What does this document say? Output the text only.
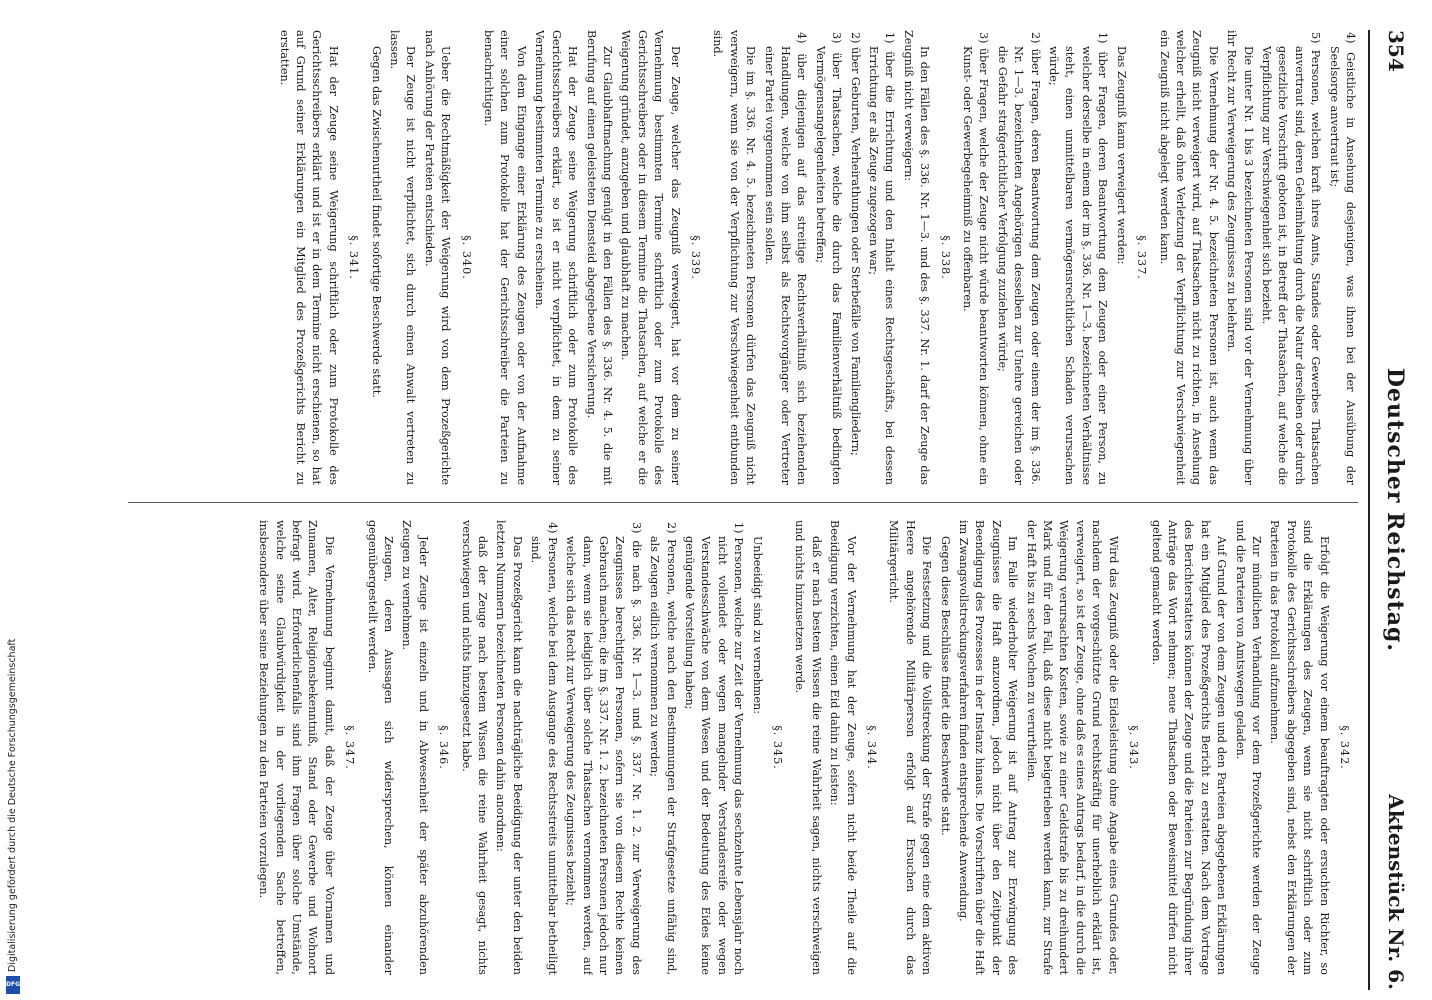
354
Deutscher Reichstag.
Aktenstück Nr. 6.

4) Geistliche in Ansehung desjenigen, was ihnen bei der Ausübung der Seelsorge anvertraut ist;

5) Personen, welchen kraft ihres Amts, Standes oder Gewerbes Thatsachen anvertraut sind, deren Geheimhaltung durch die Natur derselben oder durch gesetzliche Vorschrift geboten ist, in Betreff der Thatsachen, auf welche die Verpflichtung zur Verschwiegenheit sich bezieht.

Die unter Nr. 1 bis 3 bezeichneten Personen sind vor der Vernehmung über ihr Recht zur Verweigerung des Zeugnisses zu belehren.

Die Vernehmung der Nr. 4. 5. bezeichneten Personen ist, auch wenn das Zeugniß nicht verweigert wird, auf Thatsachen nicht zu richten, in Ansehung welcher erhellt, daß ohne Verletzung der Verpflichtung zur Verschwiegenheit ein Zeugniß nicht abgelegt werden kann.

§. 337.

Das Zeugniß kann verweigert werden:

1) über Fragen, deren Beantwortung dem Zeugen oder einer Person, zu welcher derselbe in einem der im §. 336. Nr. 1—3. bezeichneten Verhältnisse steht, einen unmittelbaren vermögensrechtlichen Schaden verursachen würde;

2) über Fragen, deren Beantwortung dem Zeugen oder einem der im §. 336. Nr. 1—3. bezeichneten Angehörigen desselben zur Unehre gereichen oder die Gefahr strafgerichtlicher Verfolgung zuziehen würde;

3) über Fragen, welche der Zeuge nicht würde beantworten können, ohne ein Kunst- oder Gewerbegeheimniß zu offenbaren.

§. 338.

In den Fällen des §. 336. Nr. 1—3. und des §. 337. Nr. 1. darf der Zeuge das Zeugniß nicht verweigern:

1) über die Errichtung und den Inhalt eines Rechtsgeschäfts, bei dessen Errichtung er als Zeuge zugezogen war;

2) über Geburten, Verheirathungen oder Sterbefälle von Familiengliedern;

3) über Thatsachen, welche die durch das Familienverhältniß bedingten Vermögensangelegenheiten betreffen;

4) über diejenigen auf das streitige Rechtsverhältniß sich beziehenden Handlungen, welche von ihm selbst als Rechtsvorgänger oder Vertreter einer Partei vorgenommen sein sollen.

Die im §. 336. Nr. 4. 5. bezeichneten Personen dürfen das Zeugniß nicht verweigern, wenn sie von der Verpflichtung zur Verschwiegenheit entbunden sind.

§. 339.

Der Zeuge, welcher das Zeugniß verweigert, hat vor dem zu seiner Vernehmung bestimmten Termine schriftlich oder zum Protokolle des Gerichtsschreibers oder in diesem Termine die Thatsachen, auf welche er die Weigerung gründet, anzugeben und glaubhaft zu machen.

Zur Glaubhaftmachung genügt in den Fällen des §. 336. Nr. 4. 5. die mit Berufung auf einen geleisteten Diensteid abgegebene Versicherung.

Hat der Zeuge seine Weigerung schriftlich oder zum Protokolle des Gerichtsschreibers erklärt, so ist er nicht verpflichtet, in dem zu seiner Vernehmung bestimmten Termine zu erscheinen.

Von dem Eingange einer Erklärung des Zeugen oder von der Aufnahme einer solchen zum Protokolle hat der Gerichtsschreiber die Parteien zu benachrichtigen.

§. 340.

Ueber die Rechtmäßigkeit der Weigerung wird von dem Prozeßgerichte nach Anhörung der Parteien entschieden.

Der Zeuge ist nicht verpflichtet, sich durch einen Anwalt vertreten zu lassen.

Gegen das Zwischenurtheil findet sofortige Beschwerde statt.

§. 341.

Hat der Zeuge seine Weigerung schriftlich oder zum Protokolle des Gerichtsschreibers erklärt und ist er in dem Termine nicht erschienen, so hat auf Grund seiner Erklärungen ein Mitglied des Prozeßgerichts Bericht zu erstatten.

§. 342.

Erfolgt die Weigerung vor einem beauftragten oder ersuchten Richter, so sind die Erklärungen des Zeugen, wenn sie nicht schriftlich oder zum Protokolle des Gerichtsschreibers abgegeben sind, nebst den Erklärungen der Parteien in das Protokoll aufzunehmen.

Zur mündlichen Verhandlung vor dem Prozeßgerichte werden der Zeuge und die Parteien von Amtswegen geladen.

Auf Grund der von dem Zeugen und den Parteien abgegebenen Erklärungen hat ein Mitglied des Prozeßgerichts Bericht zu erstatten. Nach dem Vortrage des Berichterstatters können der Zeuge und die Parteien zur Begründung ihrer Anträge das Wort nehmen; neue Thatsachen oder Beweismittel dürfen nicht geltend gemacht werden.

§. 343.

Wird das Zeugniß oder die Eidesleistung ohne Angabe eines Grundes oder, nachdem der vorgeschützte Grund rechtskräftig für unerheblich erklärt ist, verweigert, so ist der Zeuge, ohne daß es eines Antrags bedarf, in die durch die Weigerung verursachten Kosten, sowie zu einer Geldstrafe bis zu dreihundert Mark und für den Fall, daß diese nicht beigetrieben werden kann, zur Strafe der Haft bis zu sechs Wochen zu verurtheilen.

Im Falle wiederholter Weigerung ist auf Antrag zur Erzwingung des Zeugnisses die Haft anzuordnen, jedoch nicht über den Zeitpunkt der Beendigung des Prozesses in der Instanz hinaus. Die Vorschriften über die Haft im Zwangsvollstreckungsverfahren finden entsprechende Anwendung.

Gegen diese Beschlüsse findet die Beschwerde statt.

Die Festsetzung und die Vollstreckung der Strafe gegen eine dem aktiven Heere angehörende Militärperson erfolgt auf Ersuchen durch das Militärgericht.

§. 344.

Vor der Vernehmung hat der Zeuge, sofern nicht beide Theile auf die Beeidigung verzichten, einen Eid dahin zu leisten:

daß er nach bestem Wissen die reine Wahrheit sagen, nichts verschweigen und nichts hinzusetzen werde.

§. 345.

Unbeeidigt sind zu vernehmen:

1) Personen, welche zur Zeit der Vernehmung das sechzehnte Lebensjahr noch nicht vollendet oder wegen mangelnder Verstandesreife oder wegen Verstandesschwäche von dem Wesen und der Bedeutung des Eides keine genügende Vorstellung haben;

2) Personen, welche nach den Bestimmungen der Strafgesetze unfähig sind, als Zeugen eidlich vernommen zu werden;

3) die nach §. 336. Nr. 1—3. und §. 337. Nr. 1. 2. zur Verweigerung des Zeugnisses berechtigten Personen, sofern sie von diesem Rechte keinen Gebrauch machen; die im §. 337. Nr. 1. 2. bezeichneten Personen jedoch nur dann, wenn sie lediglich über solche Thatsachen vernommen werden, auf welche sich das Recht zur Verweigerung des Zeugnisses bezieht;

4) Personen, welche bei dem Ausgange des Rechtsstreits unmittelbar betheiligt sind.

Das Prozeßgericht kann die nachträgliche Beeidigung der unter den beiden letzten Nummern bezeichneten Personen dahin anordnen:

daß der Zeuge nach bestem Wissen die reine Wahrheit gesagt, nichts verschwiegen und nichts hinzugesetzt habe.

§. 346.

Jeder Zeuge ist einzeln und in Abwesenheit der später abzuhörenden Zeugen zu vernehmen.

Zeugen, deren Aussagen sich widersprechen, können einander gegenübergestellt werden.

§. 347.

Die Vernehmung beginnt damit, daß der Zeuge über Vornamen und Zunamen, Alter, Religionsbekenntniß, Stand oder Gewerbe und Wohnort befragt wird. Erforderlichenfalls sind ihm Fragen über solche Umstände, welche seine Glaubwürdigkeit in der vorliegenden Sache betreffen, insbesondere über seine Beziehungen zu den Parteien vorzulegen.

Digitalisierung gefördert durch die Deutsche Forschungsgemeinschaft
DFG
